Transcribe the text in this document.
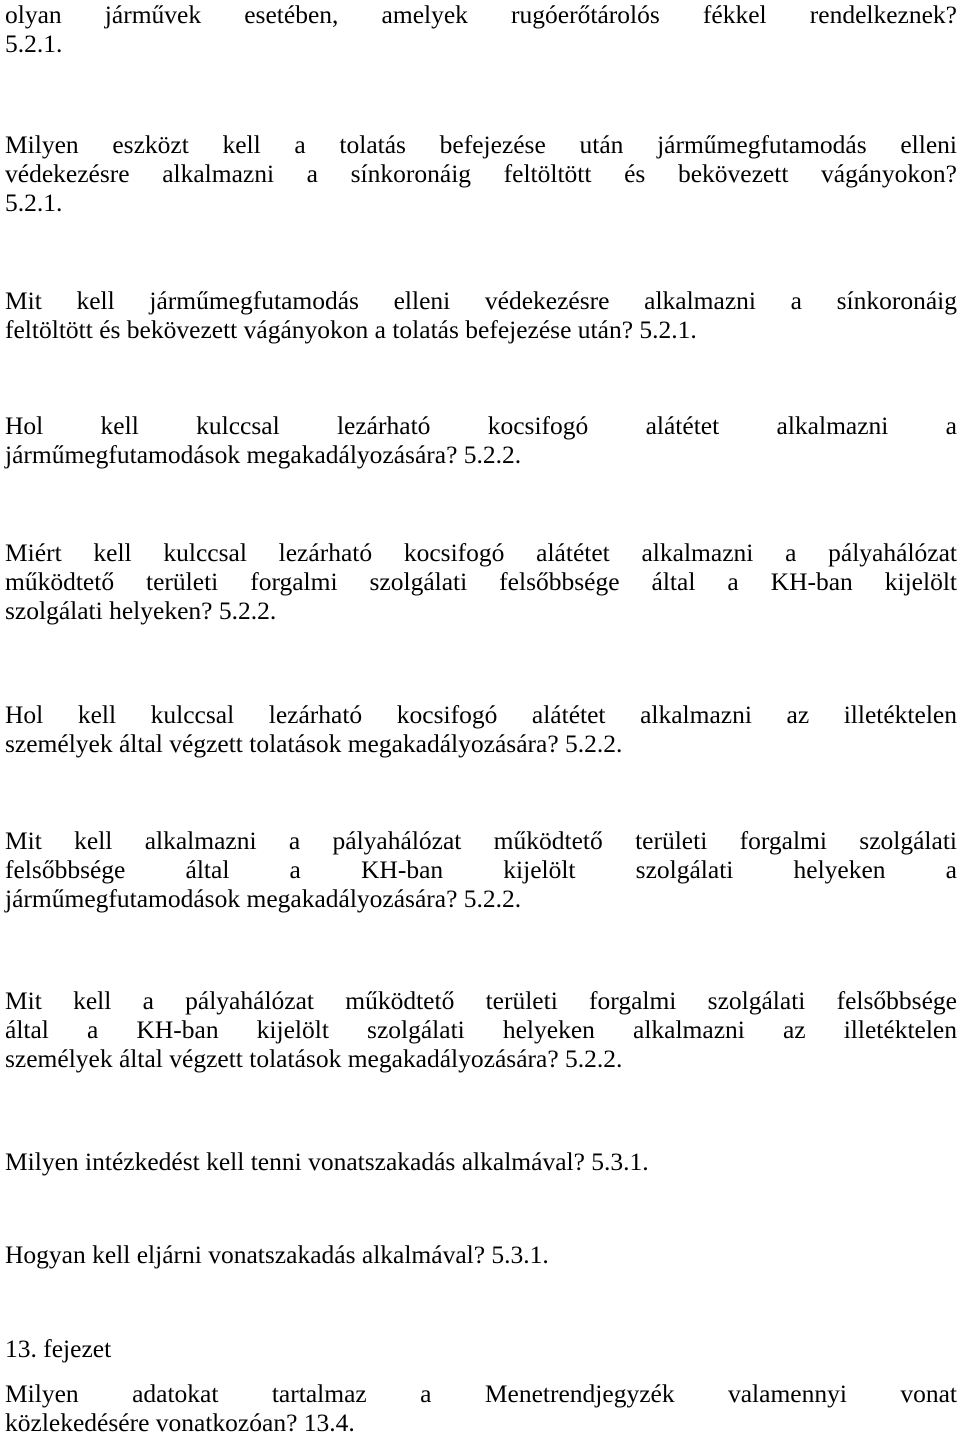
olyan járművek esetében, amelyek rugóerőtárolós fékkel rendelkeznek?
5.2.1.

Milyen eszközt kell a tolatás befejezése után járműmegfutamodás elleni
védekezésre alkalmazni a sínkoronáig feltöltött és bekövezett vágányokon?
5.2.1.

Mit kell járműmegfutamodás elleni védekezésre alkalmazni a sínkoronáig
feltöltött és bekövezett vágányokon a tolatás befejezése után? 5.2.1.

Hol kell kulccsal lezárható kocsifogó alátétet alkalmazni a
járműmegfutamodások megakadályozására? 5.2.2.

Miért kell kulccsal lezárható kocsifogó alátétet alkalmazni a pályahálózat
működtető területi forgalmi szolgálati felsőbbsége által a KH-ban kijelölt
szolgálati helyeken? 5.2.2.

Hol kell kulccsal lezárható kocsifogó alátétet alkalmazni az illetéktelen
személyek által végzett tolatások megakadályozására? 5.2.2.

Mit kell alkalmazni a pályahálózat működtető területi forgalmi szolgálati
felsőbbsége által a KH-ban kijelölt szolgálati helyeken a
járműmegfutamodások megakadályozására? 5.2.2.

Mit kell a pályahálózat működtető területi forgalmi szolgálati felsőbbsége
által a KH-ban kijelölt szolgálati helyeken alkalmazni az illetéktelen
személyek által végzett tolatások megakadályozására? 5.2.2.

Milyen intézkedést kell tenni vonatszakadás alkalmával? 5.3.1.

Hogyan kell eljárni vonatszakadás alkalmával? 5.3.1.

13. fejezet

Milyen adatokat tartalmaz a Menetrendjegyzék valamennyi vonat
közlekedésére vonatkozóan? 13.4.
